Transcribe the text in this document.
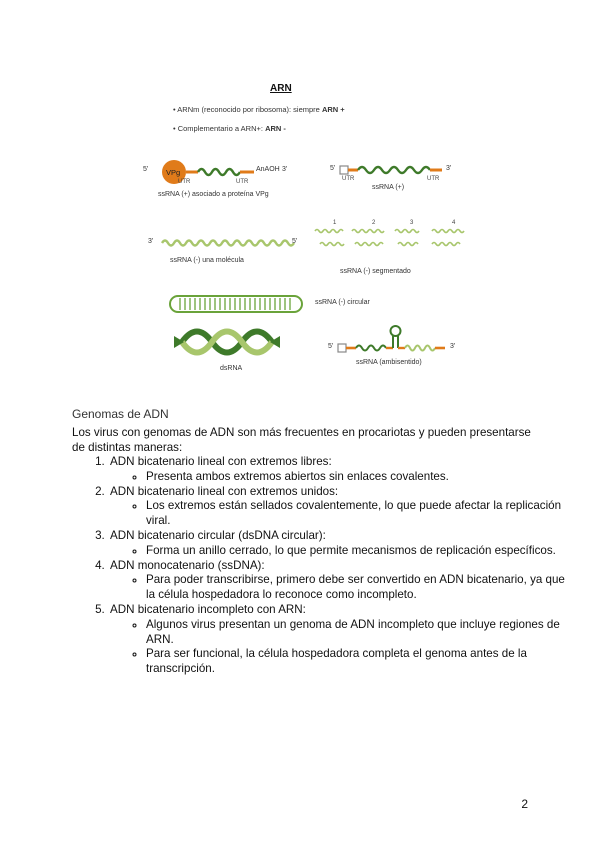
ARN
• ARNm (reconocido por ribosoma): siempre ARN +
• Complementario a ARN+: ARN -
5' VPg	AnAOH 3'
UTR	UTR
ssRNA (+) asociado a proteína VPg
5'	3'
UTR	UTR
ssRNA (+)
3'	5'
ssRNA (-) una molécula
1	2	3	4
ssRNA (-) segmentado
ssRNA (-) circular
dsRNA
5'	3'
ssRNA (ambisentido)
Genomas de ADN
Los virus con genomas de ADN son más frecuentes en procariotas y pueden presentarse de distintas maneras:
1. ADN bicatenario lineal con extremos libres:
◦ Presenta ambos extremos abiertos sin enlaces covalentes.
2. ADN bicatenario lineal con extremos unidos:
◦ Los extremos están sellados covalentemente, lo que puede afectar la replicación viral.
3. ADN bicatenario circular (dsDNA circular):
◦ Forma un anillo cerrado, lo que permite mecanismos de replicación específicos.
4. ADN monocatenario (ssDNA):
◦ Para poder transcribirse, primero debe ser convertido en ADN bicatenario, ya que la célula hospedadora lo reconoce como incompleto.
5. ADN bicatenario incompleto con ARN:
◦ Algunos virus presentan un genoma de ADN incompleto que incluye regiones de ARN.
◦ Para ser funcional, la célula hospedadora completa el genoma antes de la transcripción.
2
